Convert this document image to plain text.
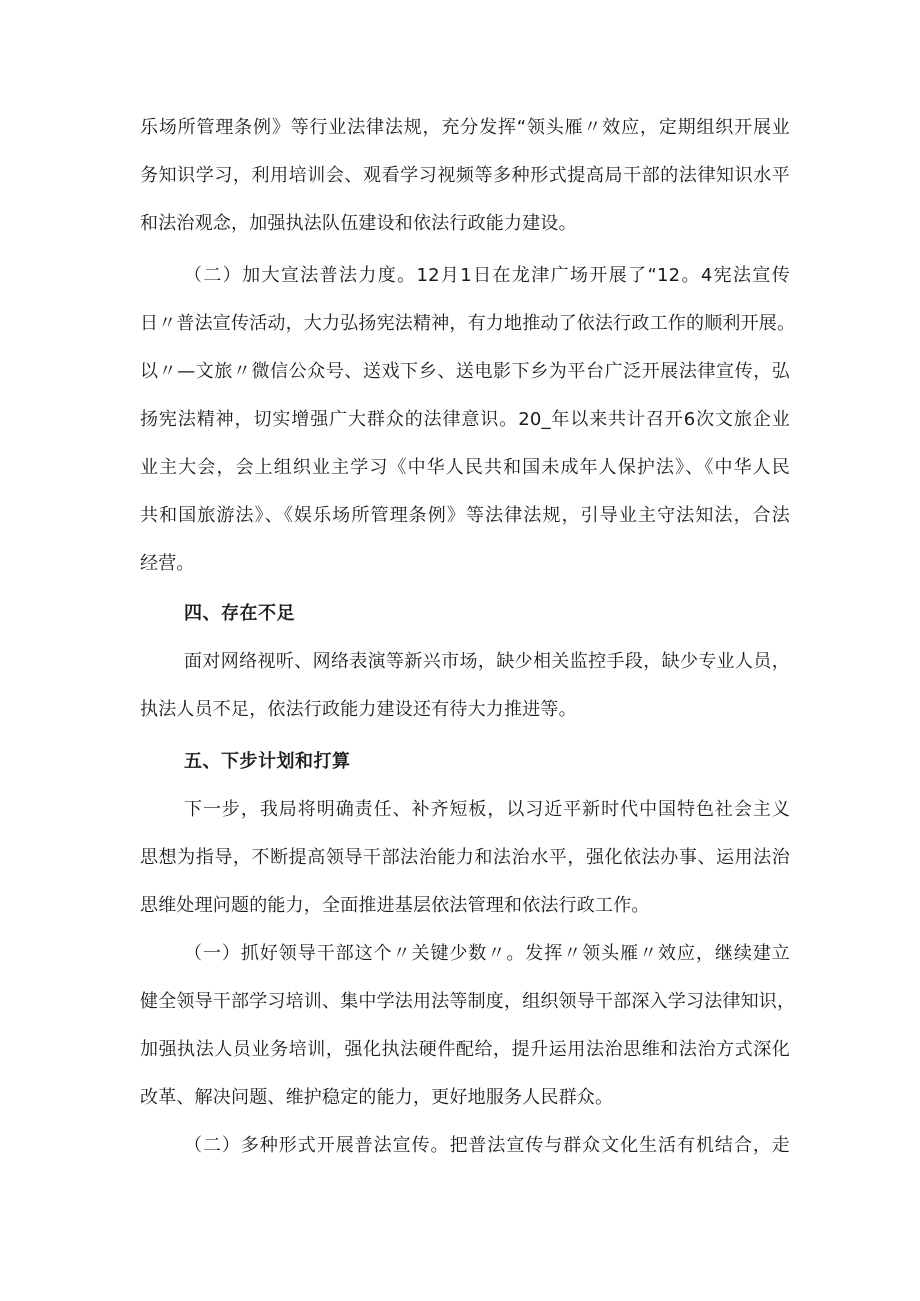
乐场所管理条例》等行业法律法规，充分发挥“领头雁〃效应，定期组织开展业
务知识学习，利用培训会、观看学习视频等多种形式提高局干部的法律知识水平
和法治观念，加强执法队伍建设和依法行政能力建设。
（二）加大宣法普法力度。12月1日在龙津广场开展了“12。4宪法宣传
日〃普法宣传活动，大力弘扬宪法精神，有力地推动了依法行政工作的顺利开展。
以〃—文旅〃微信公众号、送戏下乡、送电影下乡为平台广泛开展法律宣传，弘
扬宪法精神，切实增强广大群众的法律意识。20_年以来共计召开6次文旅企业
业主大会，会上组织业主学习《中华人民共和国未成年人保护法》、《中华人民
共和国旅游法》、《娱乐场所管理条例》等法律法规，引导业主守法知法，合法
经营。
四、存在不足
面对网络视听、网络表演等新兴市场，缺少相关监控手段，缺少专业人员，
执法人员不足，依法行政能力建设还有待大力推进等。
五、下步计划和打算
下一步，我局将明确责任、补齐短板，以习近平新时代中国特色社会主义
思想为指导，不断提高领导干部法治能力和法治水平，强化依法办事、运用法治
思维处理问题的能力，全面推进基层依法管理和依法行政工作。
（一）抓好领导干部这个〃关键少数〃。发挥〃领头雁〃效应，继续建立
健全领导干部学习培训、集中学法用法等制度，组织领导干部深入学习法律知识，
加强执法人员业务培训，强化执法硬件配给，提升运用法治思维和法治方式深化
改革、解决问题、维护稳定的能力，更好地服务人民群众。
（二）多种形式开展普法宣传。把普法宣传与群众文化生活有机结合，走
